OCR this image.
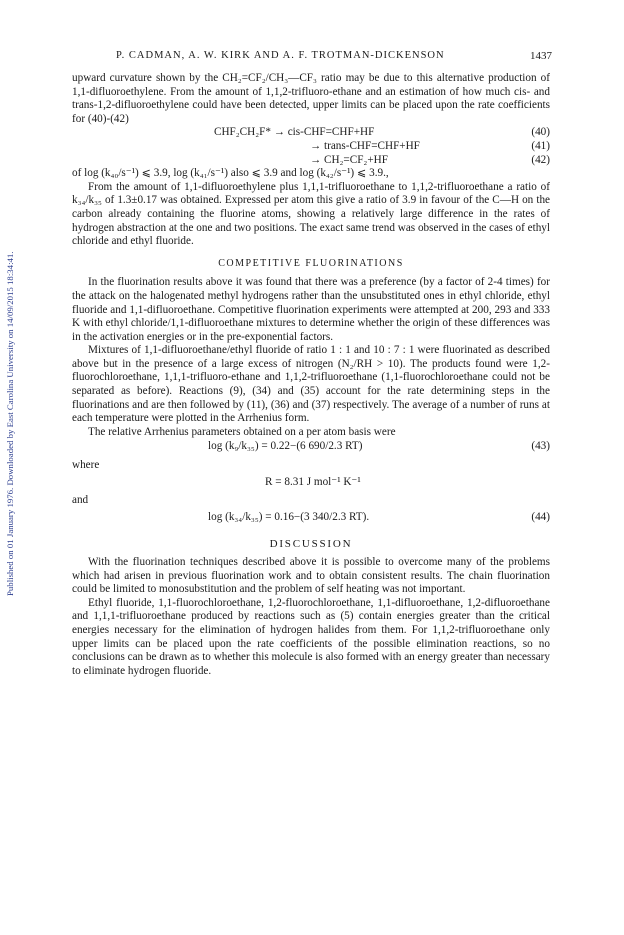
P. CADMAN, A. W. KIRK AND A. F. TROTMAN-DICKENSON	1437
Published on 01 January 1976. Downloaded by East Carolina University on 14/09/2015 18:34:41.

upward curvature shown by the CH₂=CF₂/CH₃—CF₃ ratio may be due to this alternative production of 1,1-difluoroethylene. From the amount of 1,1,2-trifluoro-ethane and an estimation of how much cis- and trans-1,2-difluoroethylene could have been detected, upper limits can be placed upon the rate coefficients for (40)-(42)

CHF₂CH₂F* → cis-CHF=CHF+HF	(40)
→ trans-CHF=CHF+HF	(41)
→ CH₂=CF₂+HF	(42)

of log (k₄₀/s⁻¹) ⩽ 3.9, log (k₄₁/s⁻¹) also ⩽ 3.9 and log (k₄₂/s⁻¹) ⩽ 3.9.,

From the amount of 1,1-difluoroethylene plus 1,1,1-trifluoroethane to 1,1,2-trifluoroethane a ratio of k₃₄/k₃₅ of 1.3±0.17 was obtained. Expressed per atom this give a ratio of 3.9 in favour of the C—H on the carbon already containing the fluorine atoms, showing a relatively large difference in the rates of hydrogen abstraction at the one and two positions. The exact same trend was observed in the cases of ethyl chloride and ethyl fluoride.

COMPETITIVE FLUORINATIONS

In the fluorination results above it was found that there was a preference (by a factor of 2-4 times) for the attack on the halogenated methyl hydrogens rather than the unsubstituted ones in ethyl chloride, ethyl fluoride and 1,1-difluoroethane. Competitive fluorination experiments were attempted at 200, 293 and 333 K with ethyl chloride/1,1-difluoroethane mixtures to determine whether the origin of these differences was in the activation energies or in the pre-exponential factors.

Mixtures of 1,1-difluoroethane/ethyl fluoride of ratio 1 : 1 and 10 : 7 : 1 were fluorinated as described above but in the presence of a large excess of nitrogen (N₂/RH > 10). The products found were 1,2-fluorochloroethane, 1,1,1-trifluoro-ethane and 1,1,2-trifluoroethane (1,1-fluorochloroethane could not be separated as before). Reactions (9), (34) and (35) account for the rate determining steps in the fluorinations and are then followed by (11), (36) and (37) respectively. The average of a number of runs at each temperature were plotted in the Arrhenius form.

The relative Arrhenius parameters obtained on a per atom basis were

log (k₉/k₃₅) = 0.22−(6 690/2.3 RT)	(43)
where
R = 8.31 J mol⁻¹ K⁻¹
and
log (k₃₄/k₃₅) = 0.16−(3 340/2.3 RT).	(44)
DISCUSSION

With the fluorination techniques described above it is possible to overcome many of the problems which had arisen in previous fluorination work and to obtain consistent results. The chain fluorination could be limited to monosubstitution and the problem of self heating was not important.

Ethyl fluoride, 1,1-fluorochloroethane, 1,2-fluorochloroethane, 1,1-difluoroethane, 1,2-difluoroethane and 1,1,1-trifluoroethane produced by reactions such as (5) contain energies greater than the critical energies necessary for the elimination of hydrogen halides from them. For 1,1,2-trifluoroethane only upper limits can be placed upon the rate coefficients of the possible elimination reactions, so no conclusions can be drawn as to whether this molecule is also formed with an energy greater than necessary to eliminate hydrogen fluoride.
